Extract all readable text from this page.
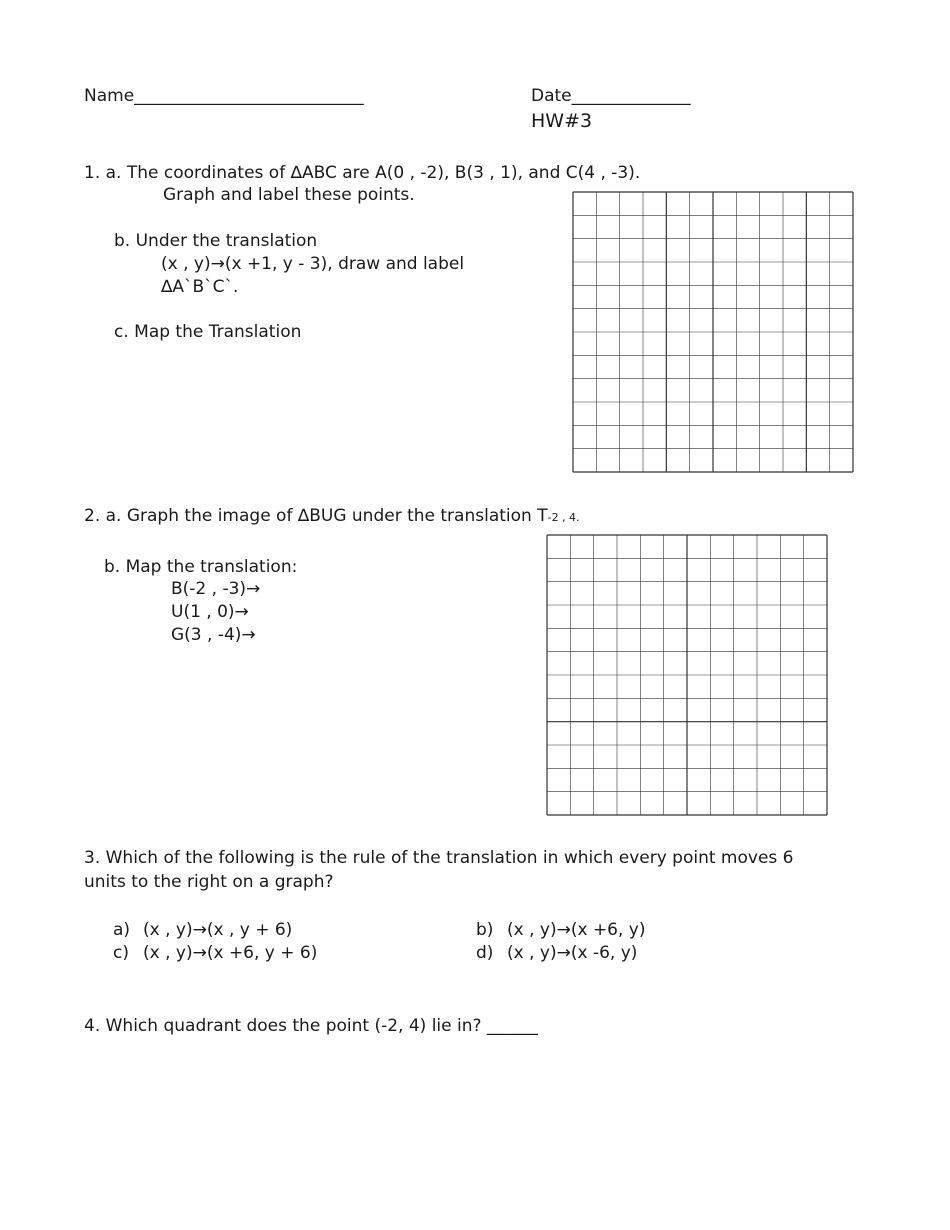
Name___________________________	Date______________
HW#3
1. a. The coordinates of ∆ABC are A(0 , -2), B(3 , 1), and C(4 , -3).
Graph and label these points.
b. Under the translation
(x , y)→(x +1, y - 3), draw and label
∆A`B`C`.
c. Map the Translation
2. a. Graph the image of ∆BUG under the translation T-2 , 4.
b. Map the translation:
B(-2 , -3)→
U(1 , 0)→
G(3 , -4)→
3. Which of the following is the rule of the translation in which every point moves 6
units to the right on a graph?
a) (x , y)→(x , y + 6)	b) (x , y)→(x +6, y)
c) (x , y)→(x +6, y + 6)	d) (x , y)→(x -6, y)
4. Which quadrant does the point (-2, 4) lie in? ______
